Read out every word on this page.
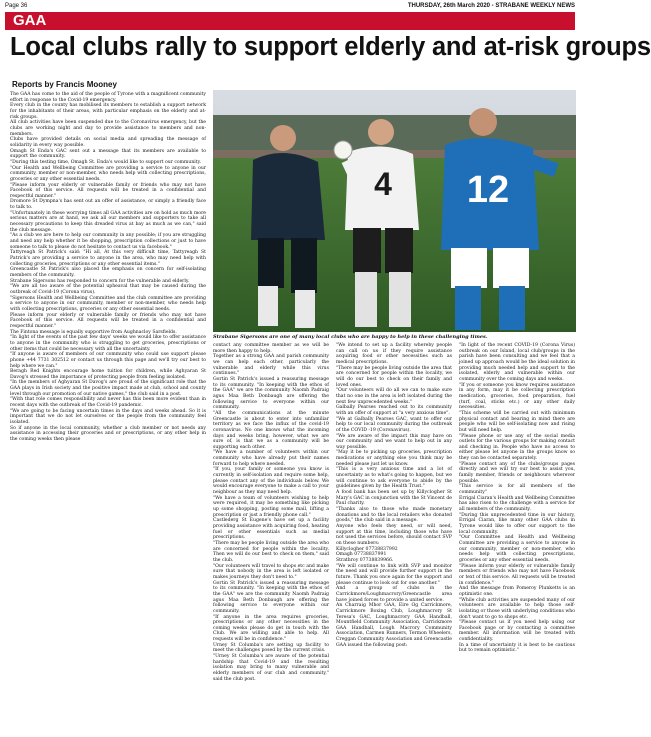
Page 36	THURSDAY, 26th March 2020 - STRABANE WEEKLY NEWS
GAA
Local clubs rally to support elderly and at-risk groups
Reports by Francis Mooney

The GAA has come to the aid of the people of Tyrone with a magnificent community effort in response to the Covid-19 emergency.

Every club in the county has mobilised its members to establish a support network for the inhabitants of their areas, with particular emphasis on the elderly and at-risk groups.

All club activities have been suspended due to the Coronavirus emergency, but the clubs are working night and day to provide assistance to members and non-members.

Clubs have provided details on social media and spreading the message of solidarity in every way possible.

Omagh St Enda's GAC sent out a message that its members are available to support the community.

"During this testing time, Omagh St. Enda's would like to support our community.

"Our Health and Wellbeing Committee are providing a service to anyone in our community, member or non-member, who needs help with collecting prescriptions, groceries or any other essential needs.

"Please inform your elderly or vulnerable family or friends who may not have Facebook of this service. All requests will be treated in a confidential and respectful manner."

Dromore St Dympna's has sent out an offer of assistance, or simply a friendly face to talk to.

"Unfortunately in these worrying times all GAA activities are on hold as much more serious matters are at hand, we ask all our members and supporters to take all necessary precautions to keep this dreaded virus at bay as much as we can," said the club message.

"As a club we are here to help our community in any possible; if you are struggling and need any help whether it be shopping, prescription collections or just to have someone to talk to please do not hesitate to contact us via facebook."

Tattyreagh St Patrick's said: "Hi all, At this very difficult time, Tattyreagh St Patrick's are providing a service to anyone in the area, who may need help with collecting groceries, prescriptions or any other essential items."

Greencastle St Patrick's also placed the emphasis on concern for self-isolating members of the community.

Strabane Sigersons has responded to concern for the vulnerable and elderly.

"We are all too aware of the potential upheaval that may be caused during the outbreak of Covid-19 (Corona virus).

"Sigersons Health and Wellbeing Committee and the club committee are providing a service to anyone in our community, member or non-member, who needs help with collecting prescriptions, groceries or any other essential needs.

Please inform your elderly or vulnerable family or friends who may not have Facebook of this service. All requests will be treated in a confidential and respectful manner."

The Fintona message is equally supportive from Aughnacloy Sarsfields.

"In light of the events of the past few days' weeks we would like to offer assistance to anyone in the community who is struggling to get groceries, prescriptions or other items that could be necessary with all the uncertainty.

"If anyone is aware of members of our community who could use support please phone +44 7731 302512 or contact us through this page and we'll try our best to help where we can."

Beragh Red Knights encourage home tuition for children, while Aghyaran St Davog's stressed the importance of protecting people from feeling isolated.

"In the members of Aghyaran St Davog's are proud of the significant role that the GAA plays in Irish society and the positive impact made at club, school and county level through our promotion of our native games," the club said in a post.

"With that role comes responsibility and never has this been more evident than in recent days with the outbreak of the Covid-19 pandemic.

"We are going to be facing uncertain times in the days and weeks ahead. So it is important that we do not let ourselves or the people from the community feel isolated.

So if anyone in the local community, whether a club member or not needs any assistance in accessing their groceries and or prescriptions, or any other help in the coming weeks then please

4 12
Strabane Sigersons are one of many local clubs who are happy to help in these challenging times.

contact any committee member as we will be more then happy to help.

Together as a strong GAA and parish community we can help each other, particularly the vulnerable and elderly while this virus continues."

Gortin St Patrick's issued a reassuring message to its community. "In keeping with the ethos of the GAA" we are the community Naomh Padraig agus Maa Beth Donbaugh are offering the following service to everyone within our community.

"All the communications at the minute Greencastle is about to enter into unfamiliar territory as we face the influx of the covid-19 coronavirus. No one knows what the incoming days and weeks bring, however, what we are sure of, is that we as a community will be supporting each other.

"We have a number of volunteers within our community who have already put their names forward to help where needed.

"If you, your family or someone you know is currently in self-isolation and require some help, please contact any of the individuals below. We would encourage everyone to make a call to your neighbour as they may need help.

"We have a team of volunteers wishing to help were required, it may be something like picking up some shopping, posting some mail, lifting a prescription or just a friendly phone call."

Castlederg St Eugene's have set up a facility providing assistance with acquiring food, heating fuel or other essentials such as medial prescriptions.

"There may be people living outside the area who are concerned for people within the locality. Then we will do our best to check on them," said the club.

"Our volunteers will travel to shops etc and make sure that nobody in the area is left isolated or makes journeys they don't need to."

Gortin St Patrick's issued a reassuring message to its community. "In keeping with the ethos of the GAA" we are the community Naomh Padraig agus Maa Beth Donbaugh are offering the following service to everyone within our community.

"If anyone in the area requires groceries, prescriptions or any other necessities in the coming weeks please do get in touch with the Club. We are willing and able to help. All requests will be in confidence."

Urney St Columba's are setting up facility to meet the challenges posed by the current crisis.

"Urney St Columba's are aware of the potential hardship that Covid-19 and the resulting isolation may bring to many vulnerable and elderly members of our club and community," said the club post.

"We intend to set up a facility whereby people can call on us if they require assistance acquiring food or other necessities such as medical prescriptions.

"There may be people living outside the area that are concerned for people within the locality, we will do our best to check on their family and loved ones.

"Our volunteers will do all we can to make sure that no one in the area is left isolated during the next few unprecedented weeks."

Galbally Pearses reached out to its community with an offer of support at "a very anxious time".

"We at Galbally Pearses GAC, want to offer our help to our local community during the outbreak of the COVID -19 (Coronavirus).

"We are aware of the impact this may have on our community and we want to help out in any way possible.

"May it be to picking up groceries, prescription medications or anything else you think may be needed please just let us know.

"This is a very anxious time and a lot of uncertainty as to what's going to happen, but we will continue to ask everyone to abide by the guidelines given by the Health Trust."

A food bank has been set up by Killyclogher St Mary's GAC in conjunction with the St Vincent de Paul charity.

"Thanks also to those who made monetary donations and to the local retailers who donated goods," the club said in a message.

Anyone who feels they need, or will need, support at this time, including those who have not used the services before, should contact SVP on these numbers:

Killyclogher 07738837992

Omagh 07738837991

Strathroy 07738839966.

"We will continue to link with SVP and monitor the need and will provide further support in the future. Thank you once again for the support and please continue to look out for one another."

And a group of clubs in the Carrickmore/Loughmacrory/Greencastle area have joined forces to provide a united service.

An Charraig Mhor GAA, Eire Og Carrickmore, Carrickmore Boxing Club, Loughmacrory St Teresa's GAC, Loughmacrory GAA Handball, Mountfield Community Association, Carrickmore GAA Handball, Lough Macrory Community Association, Carmen Runners, Termon Wheelers, Creggan Community Association and Greencastle GAA issued the following post:

"In light of the recent COVID-19 (Corona Virus) outbreak on our Island, local club/groups in the parish have been consulting and we feel that a joined up approach would be the ideal solution in providing much needed help and support to the isolated, elderly and vulnerable within our community over the coming days and weeks.

"If you or someone you know requires assistance in any form, may it be collecting prescription medication, groceries, food preparation, fuel (turf, coal, sticks etc.) or any other daily necessities.

"This scheme will be carried out with minimum physical contact and bearing in mind there are people who will be self-isolating now and rising but will need help.

"Please phone or use any of the social media outlets for the various groups for making contact and checking in. People who have no access to either please let anyone in the groups know so they can be contacted separately.

"Please contact any of the clubs/groups pages directly and we will try our best to assist you, family member, friends or neighbours wherever possible.

"This service is for all members of the community"

Errigal Ciaran's Health and Wellbeing Committee has also risen to the challenge with a service for all members of the community.

"During this unprecedented time in our history, Errigal Ciaran, like many other GAA clubs in Tyrone would like to offer our support to the local community.

"Our Committee and Health and Wellbeing Committee are providing a service to anyone in our community, member or non-member, who needs help with collecting prescriptions, groceries or any other essential needs.

"Please inform your elderly or vulnerable family members or friends who may not have Facebook or text of this service. All requests will be treated in confidence."

And the message from Pomeroy Plunketts is an optimistic one.

"While club activities are suspended many of our volunteers are available to help those self-isolating or those with underlying conditions who don't want to go to shops etc.

"Please contact us if you need help using our Facebook page or by contacting a committee member. All information will be treated with confidentiality.

In a time of uncertainty it is best to be cautious but to remain optimistic."
